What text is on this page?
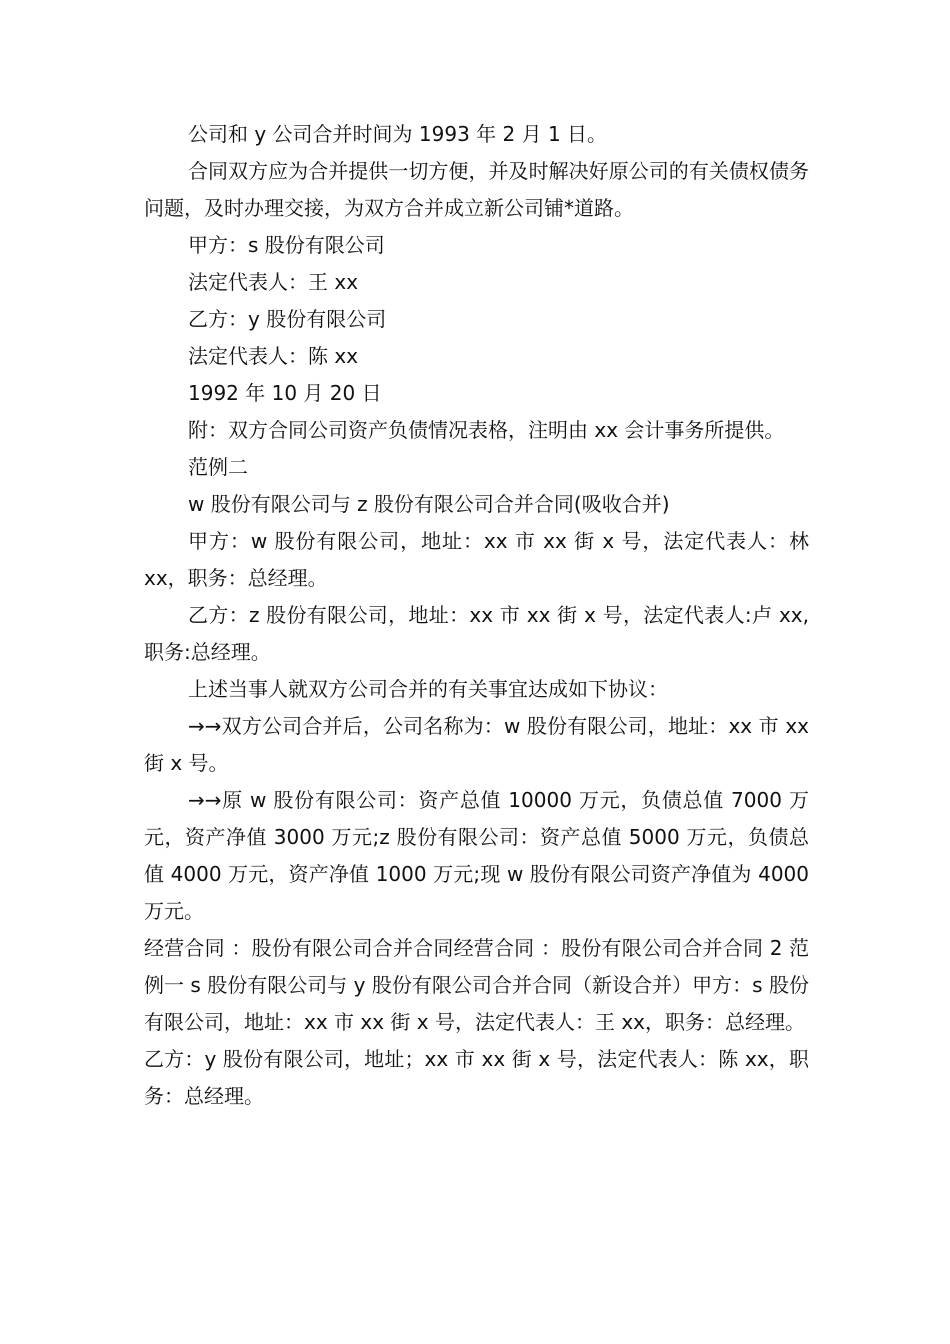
公司和 y 公司合并时间为 1993 年 2 月 1 日。

合同双方应为合并提供一切方便，并及时解决好原公司的有关债权债务问题，及时办理交接，为双方合并成立新公司铺*道路。

甲方：s 股份有限公司

法定代表人：王 xx

乙方：y 股份有限公司

法定代表人：陈 xx

1992 年 10 月 20 日

附：双方合同公司资产负债情况表格，注明由 xx 会计事务所提供。

范例二

w 股份有限公司与 z 股份有限公司合并合同(吸收合并)

甲方：w 股份有限公司，地址：xx 市 xx 街 x 号，法定代表人：林 xx，职务：总经理。

乙方：z 股份有限公司，地址：xx 市 xx 街 x 号，法定代表人:卢 xx,职务:总经理。

上述当事人就双方公司合并的有关事宜达成如下协议：

→→双方公司合并后，公司名称为：w 股份有限公司，地址：xx 市 xx 街 x 号。

→→原 w 股份有限公司：资产总值 10000 万元，负债总值 7000 万元，资产净值 3000 万元;z 股份有限公司：资产总值 5000 万元，负债总值 4000 万元，资产净值 1000 万元;现 w 股份有限公司资产净值为 4000 万元。

经营合同 ：股份有限公司合并合同经营合同 ：股份有限公司合并合同 2 范例一 s 股份有限公司与 y 股份有限公司合并合同（新设合并）甲方：s 股份有限公司，地址：xx 市 xx 街 x 号，法定代表人：王 xx，职务：总经理。

乙方：y 股份有限公司，地址；xx 市 xx 街 x 号，法定代表人：陈 xx，职务：总经理。
